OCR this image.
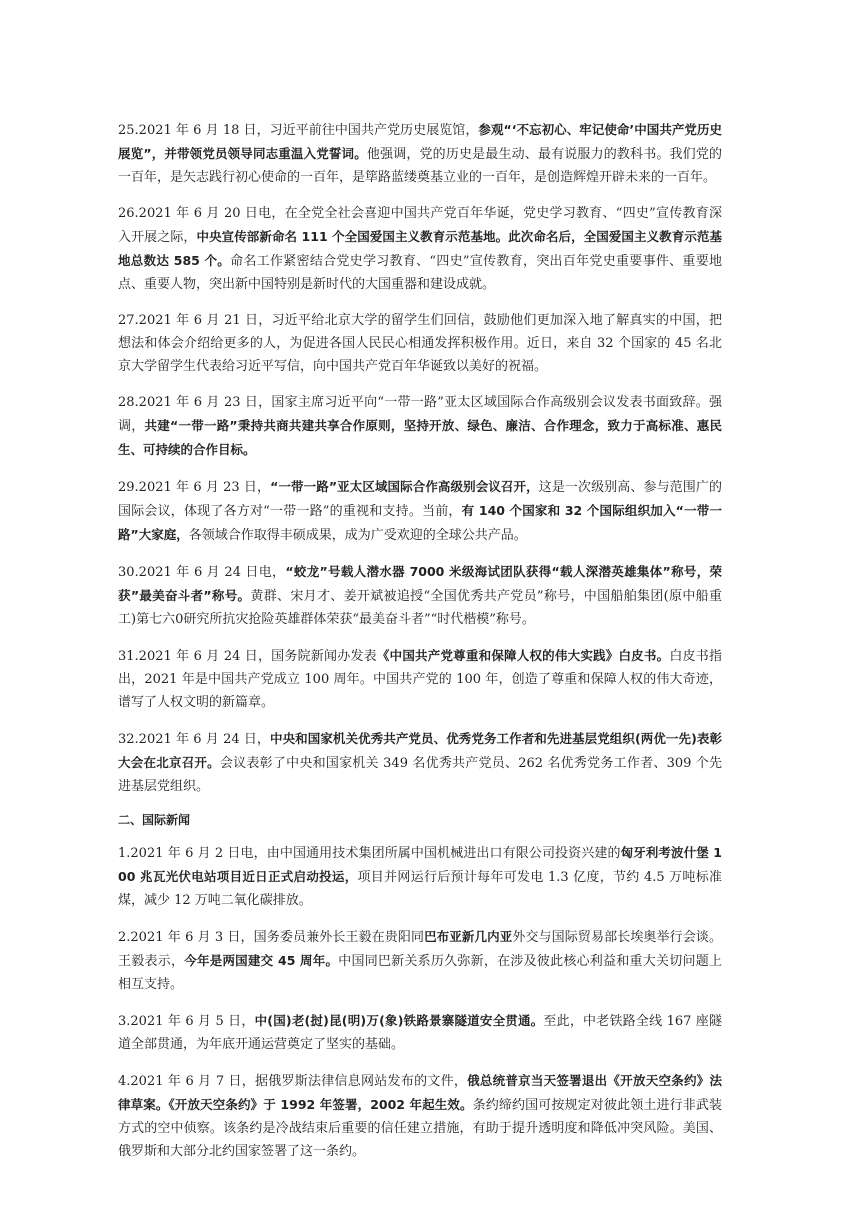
25.2021 年 6 月 18 日，习近平前往中国共产党历史展览馆，参观“‘不忘初心、牢记使命’中国共产党历史展览”，并带领党员领导同志重温入党誓词。他强调，党的历史是最生动、最有说服力的教科书。我们党的一百年，是矢志践行初心使命的一百年，是筚路蓝缕奠基立业的一百年，是创造辉煌开辟未来的一百年。

26.2021 年 6 月 20 日电，在全党全社会喜迎中国共产党百年华诞，党史学习教育、“四史”宣传教育深入开展之际，中央宣传部新命名 111 个全国爱国主义教育示范基地。此次命名后，全国爱国主义教育示范基地总数达 585 个。命名工作紧密结合党史学习教育、“四史”宣传教育，突出百年党史重要事件、重要地点、重要人物，突出新中国特别是新时代的大国重器和建设成就。

27.2021 年 6 月 21 日，习近平给北京大学的留学生们回信，鼓励他们更加深入地了解真实的中国，把想法和体会介绍给更多的人，为促进各国人民民心相通发挥积极作用。近日，来自 32 个国家的 45 名北京大学留学生代表给习近平写信，向中国共产党百年华诞致以美好的祝福。

28.2021 年 6 月 23 日，国家主席习近平向“一带一路”亚太区域国际合作高级别会议发表书面致辞。强调，共建“一带一路”秉持共商共建共享合作原则，坚持开放、绿色、廉洁、合作理念，致力于高标准、惠民生、可持续的合作目标。

29.2021 年 6 月 23 日，“一带一路”亚太区域国际合作高级别会议召开，这是一次级别高、参与范围广的国际会议，体现了各方对“一带一路”的重视和支持。当前，有 140 个国家和 32 个国际组织加入“一带一路”大家庭，各领域合作取得丰硕成果，成为广受欢迎的全球公共产品。

30.2021 年 6 月 24 日电，“蛟龙”号载人潜水器 7000 米级海试团队获得“载人深潜英雄集体”称号，荣获”最美奋斗者”称号。黄群、宋月才、姜开斌被追授“全国优秀共产党员”称号，中国船舶集团(原中船重工)第七六0研究所抗灾抢险英雄群体荣获“最美奋斗者”“时代楷模”称号。

31.2021 年 6 月 24 日，国务院新闻办发表《中国共产党尊重和保障人权的伟大实践》白皮书。白皮书指出，2021 年是中国共产党成立 100 周年。中国共产党的 100 年，创造了尊重和保障人权的伟大奇迹，谱写了人权文明的新篇章。

32.2021 年 6 月 24 日，中央和国家机关优秀共产党员、优秀党务工作者和先进基层党组织(两优一先)表彰大会在北京召开。会议表彰了中央和国家机关 349 名优秀共产党员、262 名优秀党务工作者、309 个先进基层党组织。

二、国际新闻

1.2021 年 6 月 2 日电，由中国通用技术集团所属中国机械进出口有限公司投资兴建的匈牙利考波什堡 100 兆瓦光伏电站项目近日正式启动投运，项目并网运行后预计每年可发电 1.3 亿度，节约 4.5 万吨标准煤，减少 12 万吨二氧化碳排放。

2.2021 年 6 月 3 日，国务委员兼外长王毅在贵阳同巴布亚新几内亚外交与国际贸易部长埃奥举行会谈。王毅表示，今年是两国建交 45 周年。中国同巴新关系历久弥新，在涉及彼此核心利益和重大关切问题上相互支持。

3.2021 年 6 月 5 日，中(国)老(挝)昆(明)万(象)铁路景寨隧道安全贯通。至此，中老铁路全线 167 座隧道全部贯通，为年底开通运营奠定了坚实的基础。

4.2021 年 6 月 7 日，据俄罗斯法律信息网站发布的文件，俄总统普京当天签署退出《开放天空条约》法律草案。《开放天空条约》于 1992 年签署，2002 年起生效。条约缔约国可按规定对彼此领土进行非武装方式的空中侦察。该条约是冷战结束后重要的信任建立措施，有助于提升透明度和降低冲突风险。美国、俄罗斯和大部分北约国家签署了这一条约。
